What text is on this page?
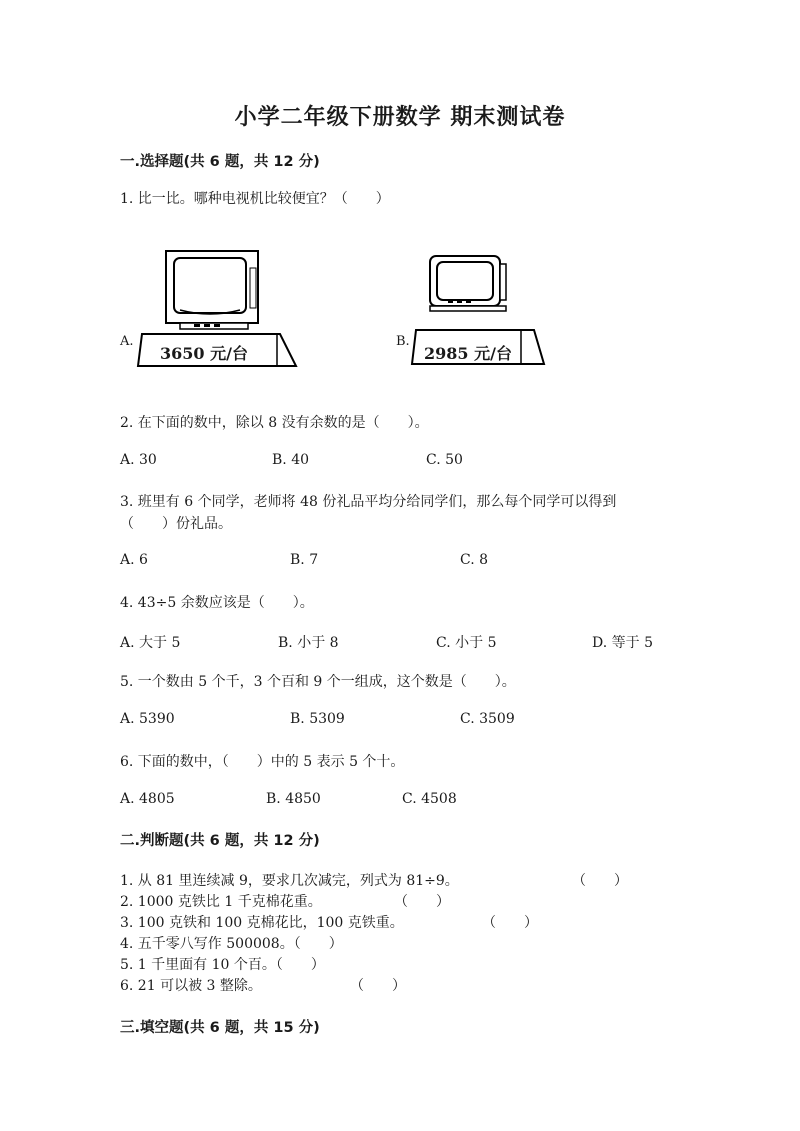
小学二年级下册数学 期末测试卷
一.选择题(共 6 题，共 12 分)
1. 比一比。哪种电视机比较便宜？（　　）
A.
3650 元/台
B.
2985 元/台
2. 在下面的数中，除以 8 没有余数的是（　　）。
A. 30	B. 40	C. 50
3. 班里有 6 个同学，老师将 48 份礼品平均分给同学们，那么每个同学可以得到
（　　）份礼品。
A. 6	B. 7	C. 8
4. 43÷5 余数应该是（　　）。
A. 大于 5	B. 小于 8	C. 小于 5	D. 等于 5
5. 一个数由 5 个千，3 个百和 9 个一组成，这个数是（　　）。
A. 5390	B. 5309	C. 3509
6. 下面的数中，（　　）中的 5 表示 5 个十。
A. 4805	B. 4850	C. 4508
二.判断题(共 6 题，共 12 分)
1. 从 81 里连续减 9，要求几次减完，列式为 81÷9。	（　　）
2. 1000 克铁比 1 千克棉花重。	（　　）
3. 100 克铁和 100 克棉花比，100 克铁重。	（　　）
4. 五千零八写作 500008。（　　）
5. 1 千里面有 10 个百。（　　）
6. 21 可以被 3 整除。	（　　）
三.填空题(共 6 题，共 15 分)
